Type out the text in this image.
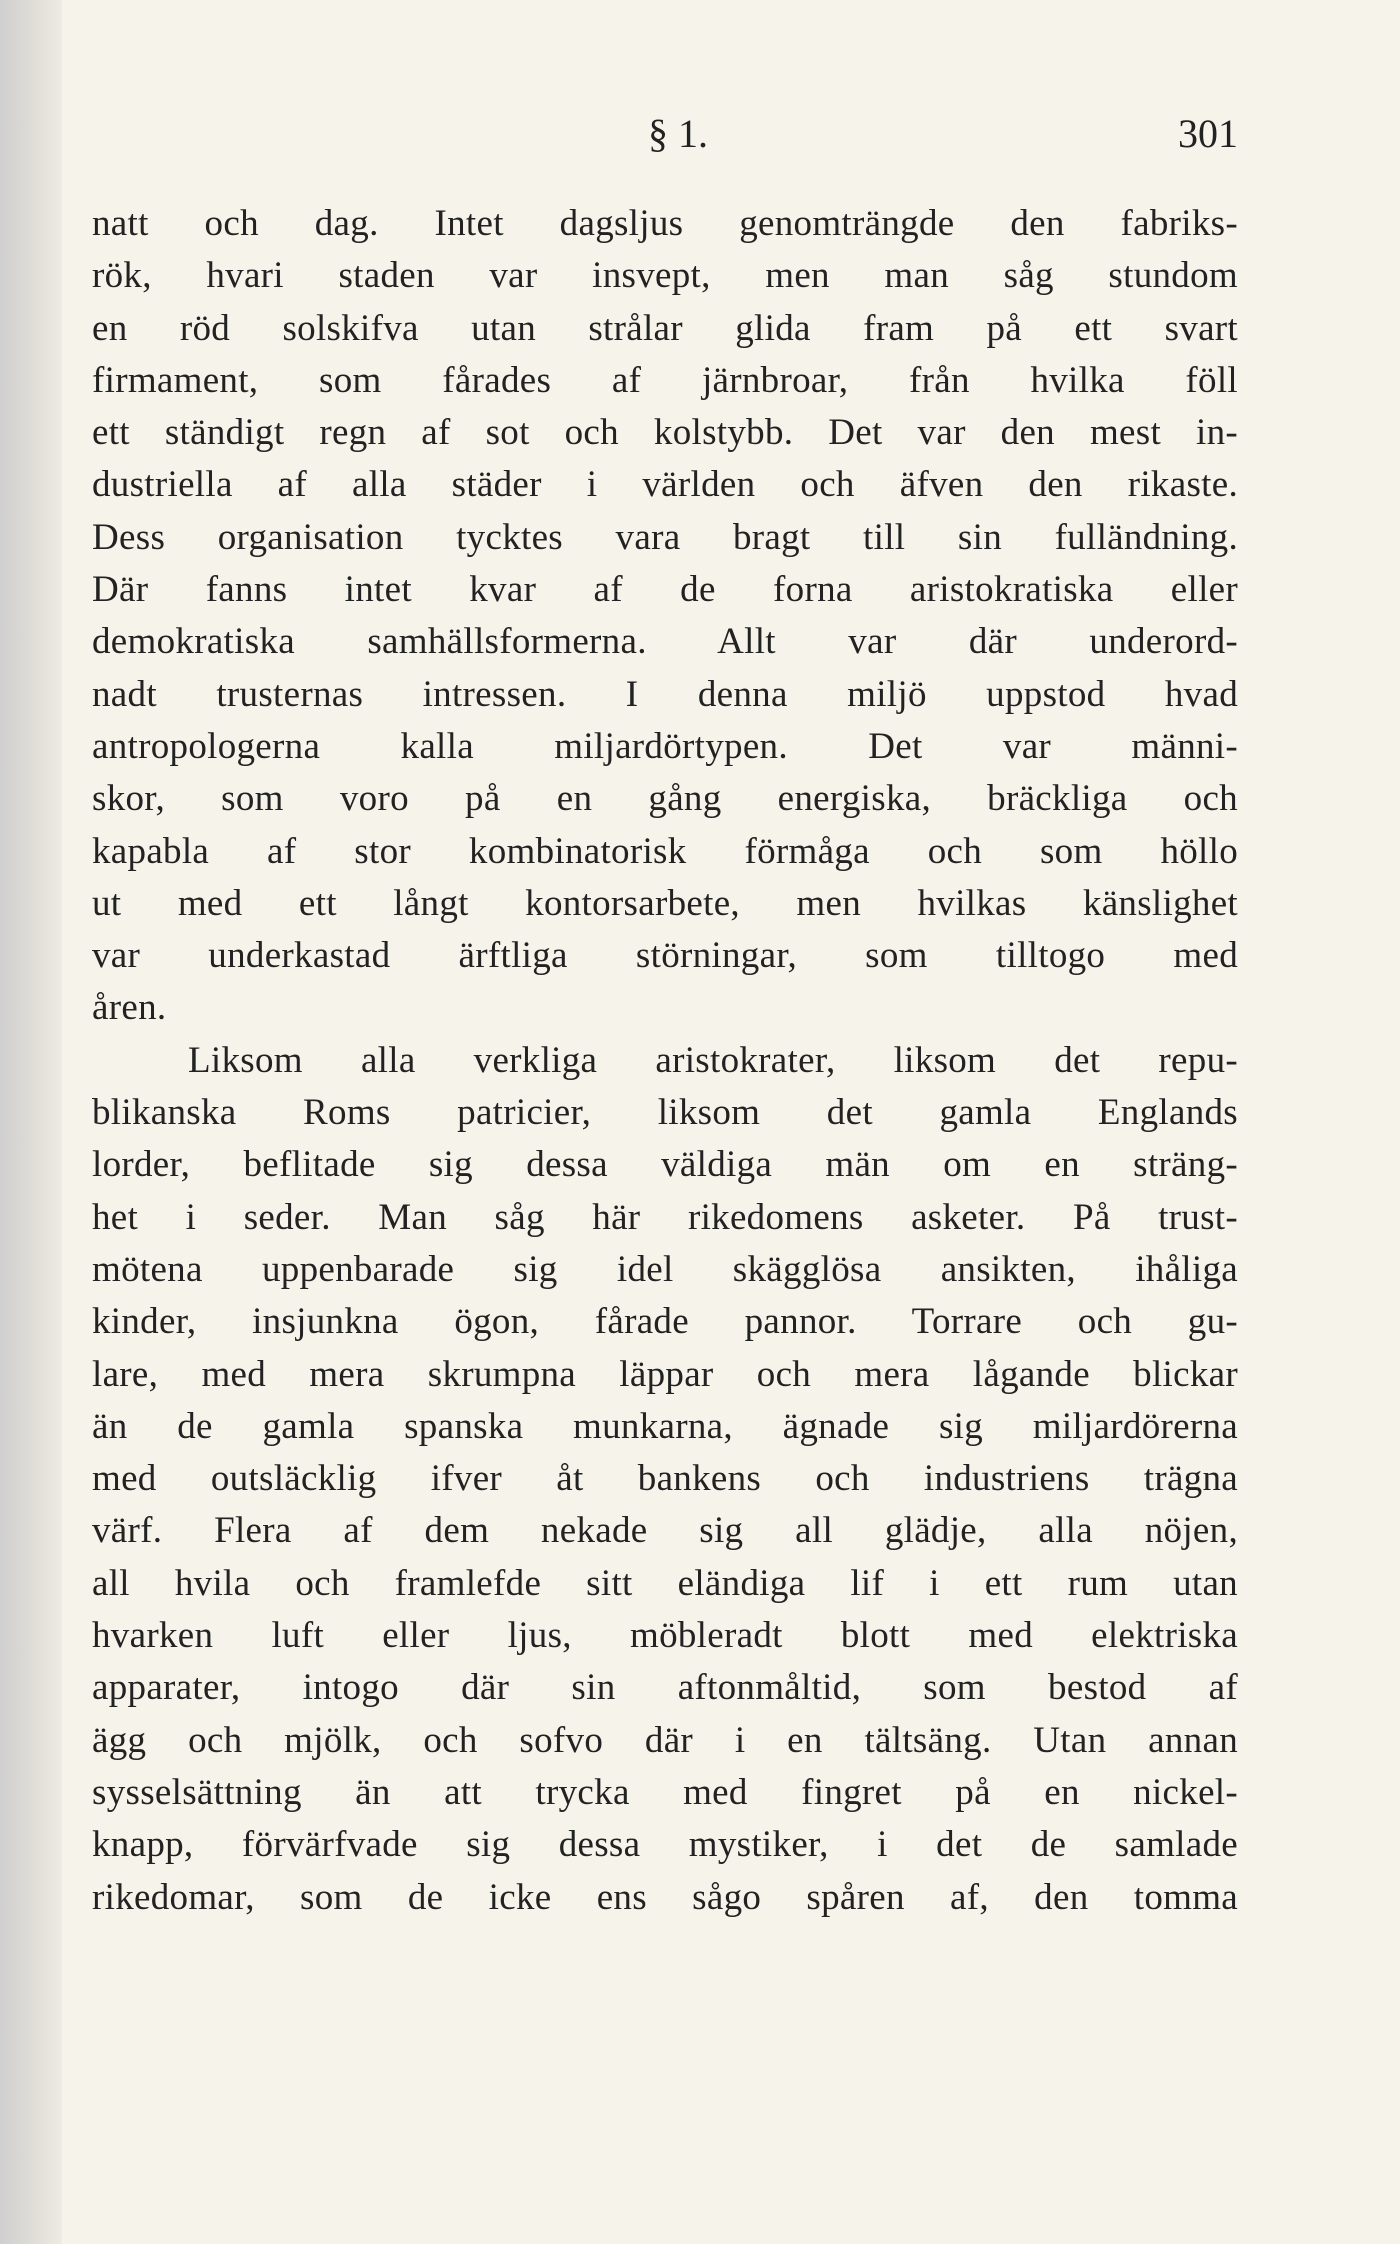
§ 1.	301
natt och dag. Intet dagsljus genomträngde den fabriks-
rök, hvari staden var insvept, men man såg stundom
en röd solskifva utan strålar glida fram på ett svart
firmament, som fårades af järnbroar, från hvilka föll
ett ständigt regn af sot och kolstybb. Det var den mest in-
dustriella af alla städer i världen och äfven den rikaste.
Dess organisation tycktes vara bragt till sin fulländning.
Där fanns intet kvar af de forna aristokratiska eller
demokratiska samhällsformerna. Allt var där underord-
nadt trusternas intressen. I denna miljö uppstod hvad
antropologerna kalla miljardörtypen. Det var männi-
skor, som voro på en gång energiska, bräckliga och
kapabla af stor kombinatorisk förmåga och som höllo
ut med ett långt kontorsarbete, men hvilkas känslighet
var underkastad ärftliga störningar, som tilltogo med
åren.
Liksom alla verkliga aristokrater, liksom det repu-
blikanska Roms patricier, liksom det gamla Englands
lorder, beflitade sig dessa väldiga män om en sträng-
het i seder. Man såg här rikedomens asketer. På trust-
mötena uppenbarade sig idel skägglösa ansikten, ihåliga
kinder, insjunkna ögon, fårade pannor. Torrare och gu-
lare, med mera skrumpna läppar och mera lågande blickar
än de gamla spanska munkarna, ägnade sig miljardörerna
med outsläcklig ifver åt bankens och industriens trägna
värf. Flera af dem nekade sig all glädje, alla nöjen,
all hvila och framlefde sitt eländiga lif i ett rum utan
hvarken luft eller ljus, möbleradt blott med elektriska
apparater, intogo där sin aftonmåltid, som bestod af
ägg och mjölk, och sofvo där i en tältsäng. Utan annan
sysselsättning än att trycka med fingret på en nickel-
knapp, förvärfvade sig dessa mystiker, i det de samlade
rikedomar, som de icke ens sågo spåren af, den tomma
